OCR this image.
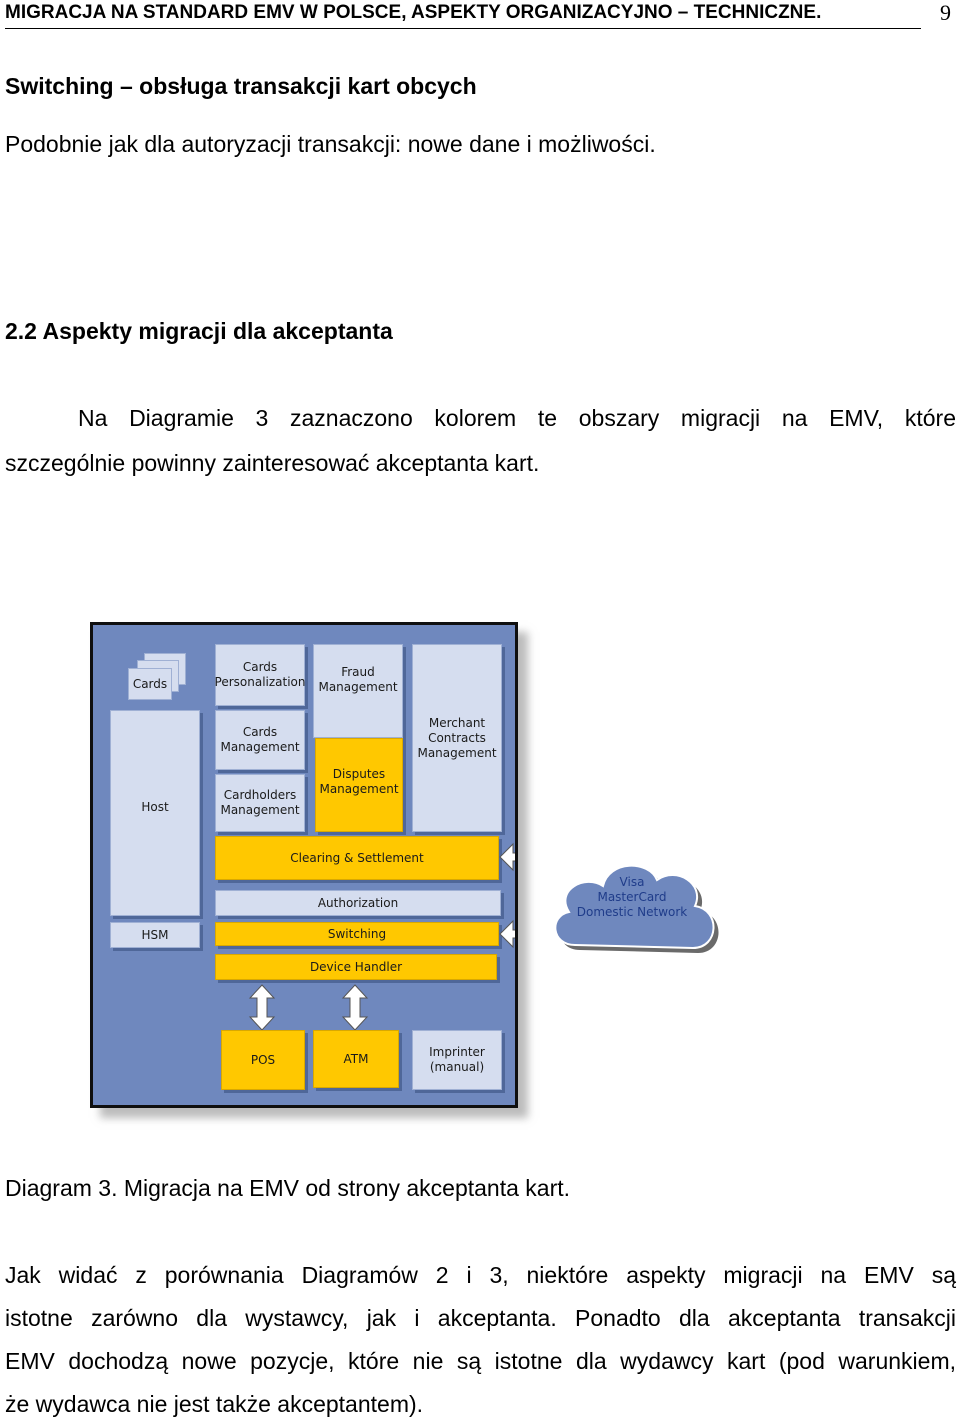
MIGRACJA NA STANDARD EMV W POLSCE, ASPEKTY ORGANIZACYJNO – TECHNICZNE.	9
Switching – obsługa transakcji kart obcych
Podobnie jak dla autoryzacji transakcji: nowe dane i możliwości.
2.2 Aspekty migracji dla akceptanta
Na Diagramie 3 zaznaczono kolorem te obszary migracji na EMV, które
szczególnie powinny zainteresować akceptanta kart.
Cards
Cards
Personalization
Fraud
Management
Merchant
Contracts
Management
Cards
Management
Host
Cardholders
Management
Disputes
Management
Clearing & Settlement
Authorization
HSM	Switching
Device Handler
POS	ATM	Imprinter
(manual)
Visa
MasterCard
Domestic Network
Diagram 3. Migracja na EMV od strony akceptanta kart.
Jak widać z porównania Diagramów 2 i 3, niektóre aspekty migracji na EMV są
istotne zarówno dla wystawcy, jak i akceptanta. Ponadto dla akceptanta transakcji
EMV dochodzą nowe pozycje, które nie są istotne dla wydawcy kart (pod warunkiem,
że wydawca nie jest także akceptantem).
